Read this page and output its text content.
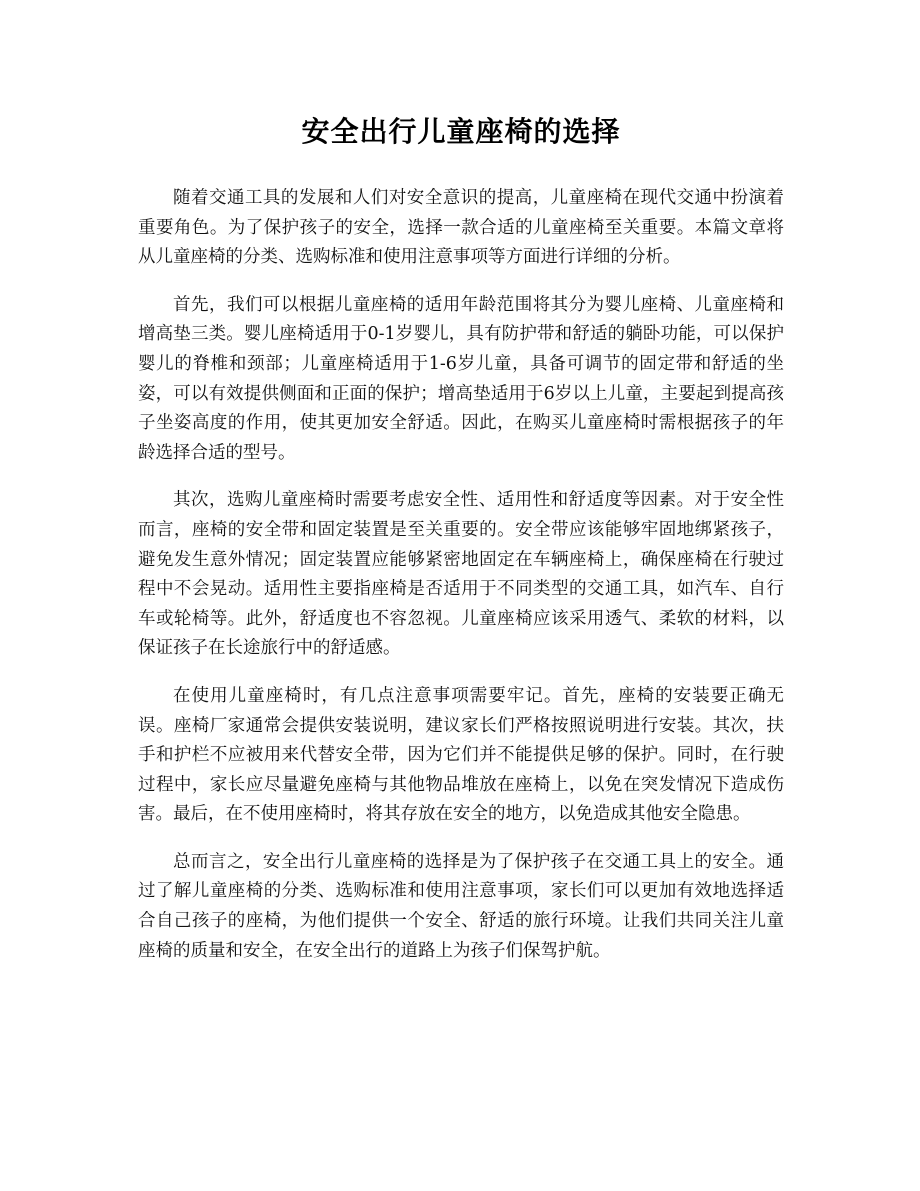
安全出行儿童座椅的选择

随着交通工具的发展和人们对安全意识的提高，儿童座椅在现代交通中扮演着重要角色。为了保护孩子的安全，选择一款合适的儿童座椅至关重要。本篇文章将从儿童座椅的分类、选购标准和使用注意事项等方面进行详细的分析。

首先，我们可以根据儿童座椅的适用年龄范围将其分为婴儿座椅、儿童座椅和增高垫三类。婴儿座椅适用于0-1岁婴儿，具有防护带和舒适的躺卧功能，可以保护婴儿的脊椎和颈部；儿童座椅适用于1-6岁儿童，具备可调节的固定带和舒适的坐姿，可以有效提供侧面和正面的保护；增高垫适用于6岁以上儿童，主要起到提高孩子坐姿高度的作用，使其更加安全舒适。因此，在购买儿童座椅时需根据孩子的年龄选择合适的型号。

其次，选购儿童座椅时需要考虑安全性、适用性和舒适度等因素。对于安全性而言，座椅的安全带和固定装置是至关重要的。安全带应该能够牢固地绑紧孩子，避免发生意外情况；固定装置应能够紧密地固定在车辆座椅上，确保座椅在行驶过程中不会晃动。适用性主要指座椅是否适用于不同类型的交通工具，如汽车、自行车或轮椅等。此外，舒适度也不容忽视。儿童座椅应该采用透气、柔软的材料，以保证孩子在长途旅行中的舒适感。

在使用儿童座椅时，有几点注意事项需要牢记。首先，座椅的安装要正确无误。座椅厂家通常会提供安装说明，建议家长们严格按照说明进行安装。其次，扶手和护栏不应被用来代替安全带，因为它们并不能提供足够的保护。同时，在行驶过程中，家长应尽量避免座椅与其他物品堆放在座椅上，以免在突发情况下造成伤害。最后，在不使用座椅时，将其存放在安全的地方，以免造成其他安全隐患。

总而言之，安全出行儿童座椅的选择是为了保护孩子在交通工具上的安全。通过了解儿童座椅的分类、选购标准和使用注意事项，家长们可以更加有效地选择适合自己孩子的座椅，为他们提供一个安全、舒适的旅行环境。让我们共同关注儿童座椅的质量和安全，在安全出行的道路上为孩子们保驾护航。
